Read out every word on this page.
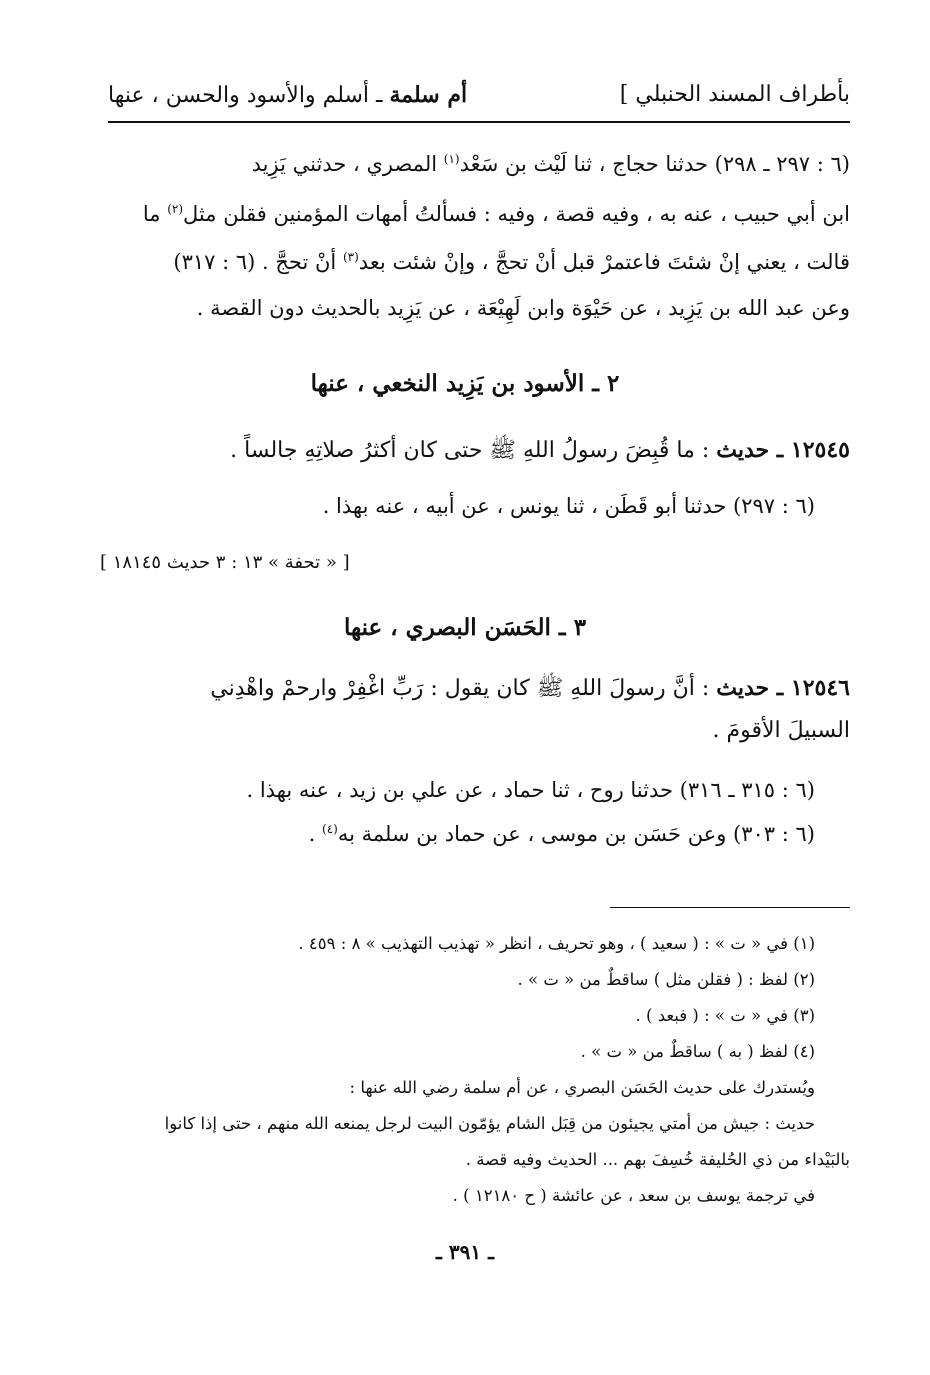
بأطراف المسند الحنبلي ]
أم سلمة ـ أسلم والأسود والحسن ، عنها
(٦ : ٢٩٧ ـ ٢٩٨) حدثنا حجاج ، ثنا لَيْث بن سَعْد$^{(١)}$ المصري ، حدثني يَزِيد
ابن أبي حبيب ، عنه به ، وفيه قصة ، وفيه : فسألتُ أمهات المؤمنين فقلن مثل$^{(٢)}$ ما
قالت ، يعني إنْ شئتَ فاعتمرْ قبل أنْ تحجَّ ، وإنْ شئت بعد$^{(٣)}$ أنْ تحجَّ . (٦ : ٣١٧)
وعن عبد الله بن يَزِيد ، عن حَيْوَة وابن لَهِيْعَة ، عن يَزِيد بالحديث دون القصة .
٢ ـ الأسود بن يَزِيد النخعي ، عنها
١٢٥٤٥ ـ حديث : ما قُبِضَ رسولُ اللهِ ﷺ حتى كان أكثرُ صلاتِهِ جالساً .
(٦ : ٢٩٧) حدثنا أبو قَطَن ، ثنا يونس ، عن أبيه ، عنه بهذا .
[ « تحفة » ١٣ : ٣ حديث ١٨١٤٥ ]
٣ ـ الحَسَن البصري ، عنها
١٢٥٤٦ ـ حديث : أنَّ رسولَ اللهِ ﷺ كان يقول : رَبِّ اغْفِرْ وارحمْ واهْدِني
السبيلَ الأقومَ .
(٦ : ٣١٥ ـ ٣١٦) حدثنا روح ، ثنا حماد ، عن علي بن زيد ، عنه بهذا .
(٦ : ٣٠٣) وعن حَسَن بن موسى ، عن حماد بن سلمة به$^{(٤)}$ .
(١) في « ت » : ( سعيد ) ، وهو تحريف ، انظر « تهذيب التهذيب » ٨ : ٤٥٩ .
(٢) لفظ : ( فقلن مثل ) ساقطٌ من « ت » .
(٣) في « ت » : ( فبعد ) .
(٤) لفظ ( به ) ساقطٌ من « ت » .
ويُستدرك على حديث الحَسَن البصري ، عن أم سلمة رضي الله عنها :
حديث : جيش من أمتي يجيئون من قِبَل الشام يؤمّون البيت لرجل يمنعه الله منهم ، حتى إذا كانوا
بالبَيْداء من ذي الحُليفة خُسِفَ بهم ... الحديث وفيه قصة .
في ترجمة يوسف بن سعد ، عن عائشة ( ح ١٢١٨٠ ) .
ـ ٣٩١ ـ
